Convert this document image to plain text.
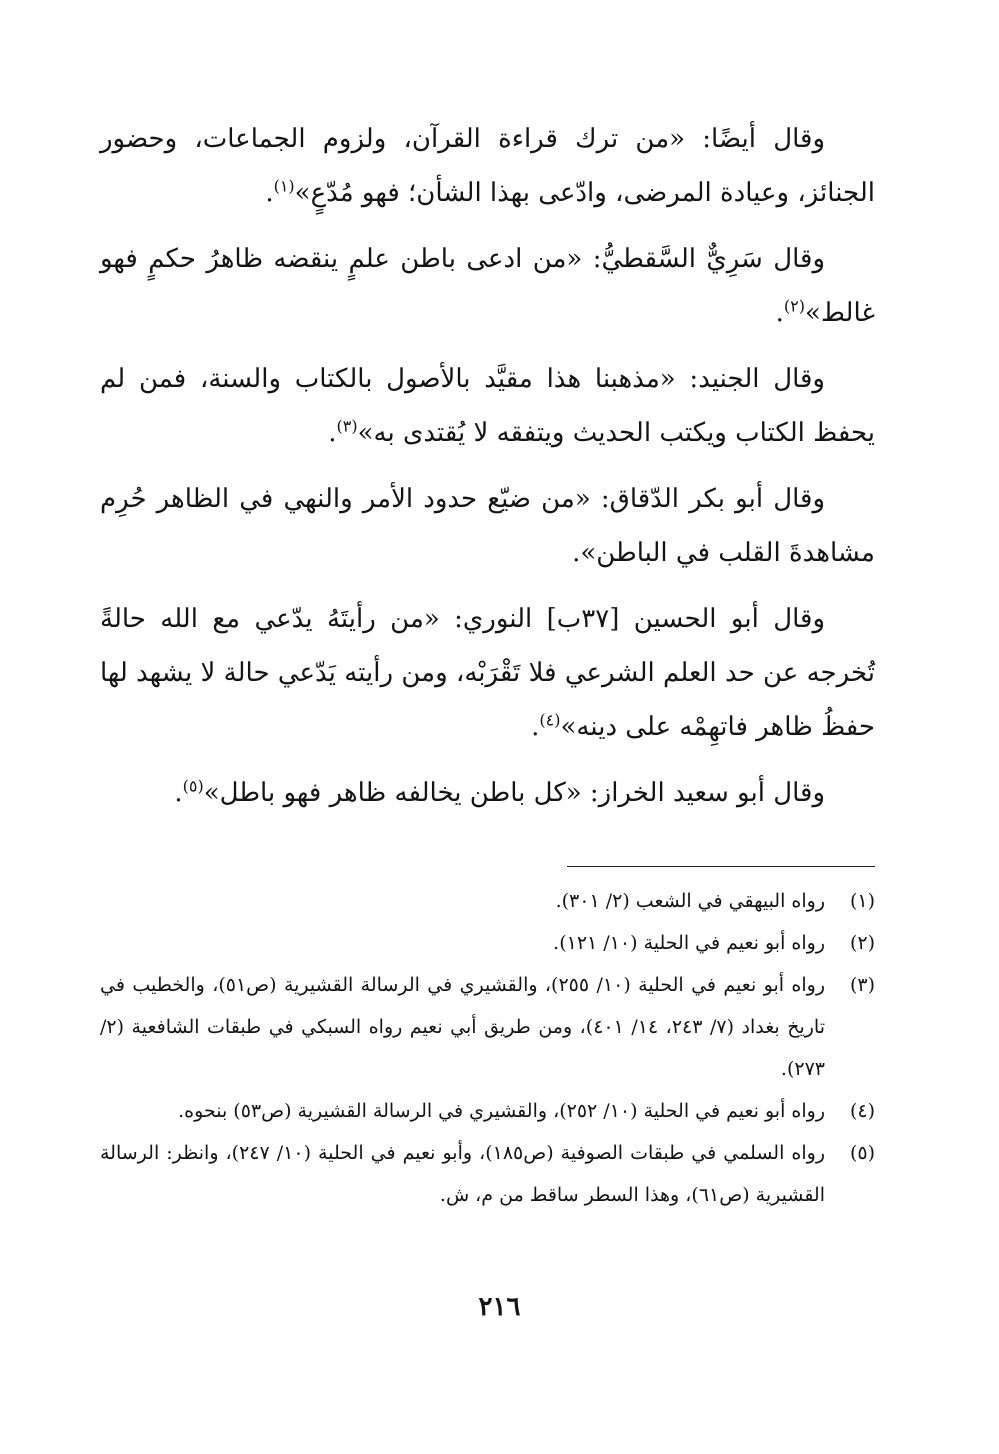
وقال أيضًا: «من ترك قراءة القرآن، ولزوم الجماعات، وحضور الجنائز، وعيادة المرضى، وادّعى بهذا الشأن؛ فهو مُدّعٍ»$^{(١)}$.

وقال سَرِيٌّ السَّقطيُّ: «من ادعى باطن علمٍ ينقضه ظاهرُ حكمٍ فهو غالط»$^{(٢)}$.

وقال الجنيد: «مذهبنا هذا مقيَّد بالأصول بالكتاب والسنة، فمن لم يحفظ الكتاب ويكتب الحديث ويتفقه لا يُقتدى به»$^{(٣)}$.

وقال أبو بكر الدّقاق: «من ضيّع حدود الأمر والنهي في الظاهر حُرِم مشاهدةَ القلب في الباطن».

وقال أبو الحسين [٣٧ب] النوري: «من رأيتَهُ يدّعي مع الله حالةً تُخرجه عن حد العلم الشرعي فلا تَقْرَبْه، ومن رأيته يَدّعي حالة لا يشهد لها حفظُ ظاهر فاتهِمْه على دينه»$^{(٤)}$.

وقال أبو سعيد الخراز: «كل باطن يخالفه ظاهر فهو باطل»$^{(٥)}$.

(١)
رواه البيهقي في الشعب (٢/ ٣٠١).
(٢)
رواه أبو نعيم في الحلية (١٠/ ١٢١).
(٣)
رواه أبو نعيم في الحلية (١٠/ ٢٥٥)، والقشيري في الرسالة القشيرية (ص٥١)، والخطيب في تاريخ بغداد (٧/ ٢٤٣، ١٤/ ٤٠١)، ومن طريق أبي نعيم رواه السبكي في طبقات الشافعية (٢/ ٢٧٣).
(٤)
رواه أبو نعيم في الحلية (١٠/ ٢٥٢)، والقشيري في الرسالة القشيرية (ص٥٣) بنحوه.
(٥)
رواه السلمي في طبقات الصوفية (ص١٨٥)، وأبو نعيم في الحلية (١٠/ ٢٤٧)، وانظر: الرسالة القشيرية (ص٦١)، وهذا السطر ساقط من م، ش.
٢١٦
